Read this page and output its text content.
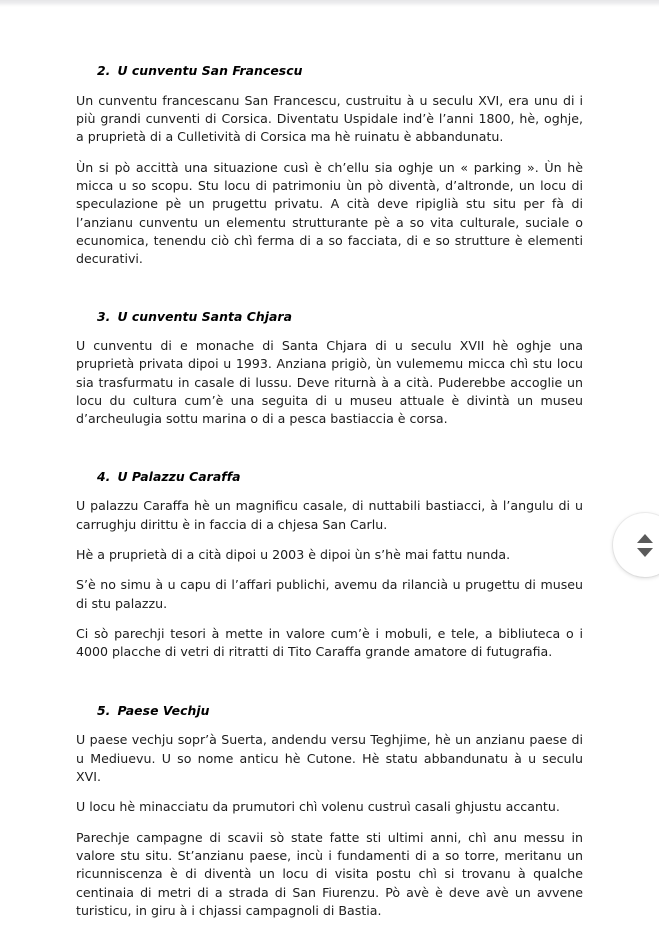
2. U cunventu San Francescu

Un cunventu francescanu San Francescu, custruitu à u seculu XVI, era unu di i più grandi cunventi di Corsica. Diventatu Uspidale ind’è l’anni 1800, hè, oghje, a pruprietà di a Culletività di Corsica ma hè ruinatu è abbandunatu.

Ùn si pò accittà una situazione cusì è ch’ellu sia oghje un « parking ». Ùn hè micca u so scopu. Stu locu di patrimoniu ùn pò diventà, d’altronde, un locu di speculazione pè un prugettu privatu. A cità deve ripiglià stu situ per fà di l’anzianu cunventu un elementu strutturante pè a so vita culturale, suciale o ecunomica, tenendu ciò chì ferma di a so facciata, di e so strutture è elementi decurativi.

3. U cunventu Santa Chjara

U cunventu di e monache di Santa Chjara di u seculu XVII hè oghje una pruprietà privata dipoi u 1993. Anziana prigiò, ùn vulememu micca chì stu locu sia trasfurmatu in casale di lussu. Deve riturnà à a cità. Puderebbe accoglie un locu du cultura cum’è una seguita di u museu attuale è divintà un museu d’archeulugia sottu marina o di a pesca bastiaccia è corsa.

4. U Palazzu Caraffa

U palazzu Caraffa hè un magnificu casale, di nuttabili bastiacci, à l’angulu di u carrughju dirittu è in faccia di a chjesa San Carlu.

Hè a pruprietà di a cità dipoi u 2003 è dipoi ùn s’hè mai fattu nunda.

S’è no simu à u capu di l’affari publichi, avemu da rilancià u prugettu di museu di stu palazzu.

Ci sò parechji tesori à mette in valore cum’è i mobuli, e tele, a bibliuteca o i 4000 placche di vetri di ritratti di Tito Caraffa grande amatore di futugrafia.

5. Paese Vechju

U paese vechju sopr’à Suerta, andendu versu Teghjime, hè un anzianu paese di u Mediuevu. U so nome anticu hè Cutone. Hè statu abbandunatu à u seculu XVI.

U locu hè minacciatu da prumutori chì volenu custruì casali ghjustu accantu.

Parechje campagne di scavii sò state fatte sti ultimi anni, chì anu messu in valore stu situ. St’anzianu paese, incù i fundamenti di a so torre, meritanu un ricunniscenza è di diventà un locu di visita postu chì si trovanu à qualche centinaia di metri di a strada di San Fiurenzu. Pò avè è deve avè un avvene turisticu, in giru à i chjassi campagnoli di Bastia.
